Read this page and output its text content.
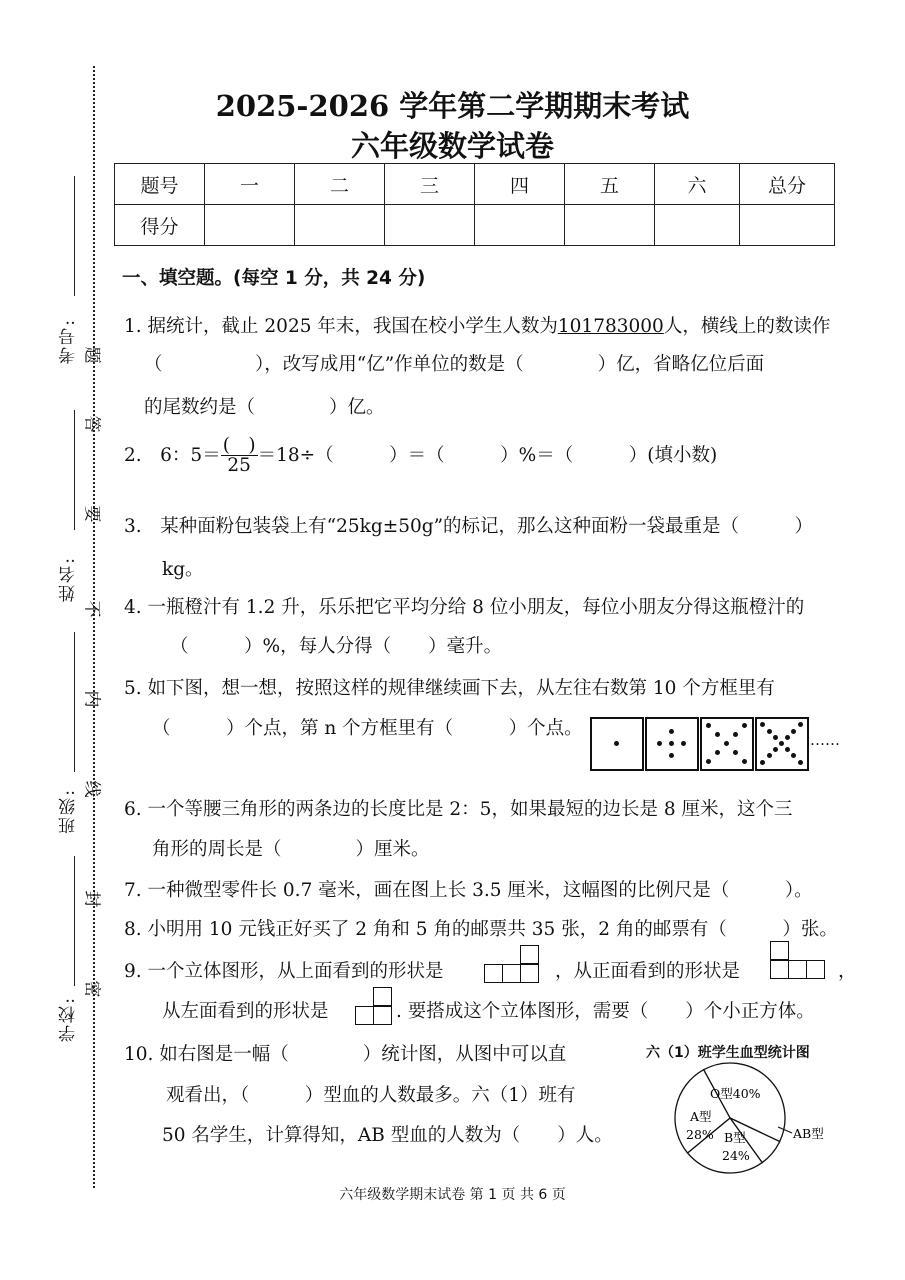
考号:
姓名:
班级:
学校:
题
答
要
不
内
线
封
密
2025-2026 学年第二学期期末考试
六年级数学试卷
题号	一	二	三	四	五	六	总分
得分							
一、填空题。(每空 1 分，共 24 分)
1. 据统计，截止 2025 年末，我国在校小学生人数为101783000人，横线上的数读作
（　　　　　），改写成用“亿”作单位的数是（　　　　）亿，省略亿位后面
的尾数约是（　　　　）亿。
2.　6：$5= \frac{( )}{25} =18\div$（　　　）＝（　　　）%＝（　　　）(填小数)
3.　某种面粉包装袋上有“25kg±50g”的标记，那么这种面粉一袋最重是（　　　）
kg。
4. 一瓶橙汁有 1.2 升，乐乐把它平均分给 8 位小朋友，每位小朋友分得这瓶橙汁的
（　　　）%，每人分得（　　）毫升。
5. 如下图，想一想，按照这样的规律继续画下去，从左往右数第 10 个方框里有
（　　　）个点，第 n 个方框里有（　　　）个点。
……
6. 一个等腰三角形的两条边的长度比是 2：5，如果最短的边长是 8 厘米，这个三
角形的周长是（　　　　）厘米。
7. 一种微型零件长 0.7 毫米，画在图上长 3.5 厘米，这幅图的比例尺是（　　　）。
8. 小明用 10 元钱正好买了 2 角和 5 角的邮票共 35 张，2 角的邮票有（　　　）张。
9. 一个立体图形，从上面看到的形状是	，从正面看到的形状是	，
从左面看到的形状是	. 要搭成这个立体图形，需要（　　）个小正方体。
10. 如右图是一幅（　　　　）统计图，从图中可以直
观看出，（　　　）型血的人数最多。六（1）班有
50 名学生，计算得知，AB 型血的人数为（　　）人。
六（1）班学生血型统计图
O型40%
AB型
B型
24%
A型
28%
六年级数学期末试卷 第 1 页 共 6 页
